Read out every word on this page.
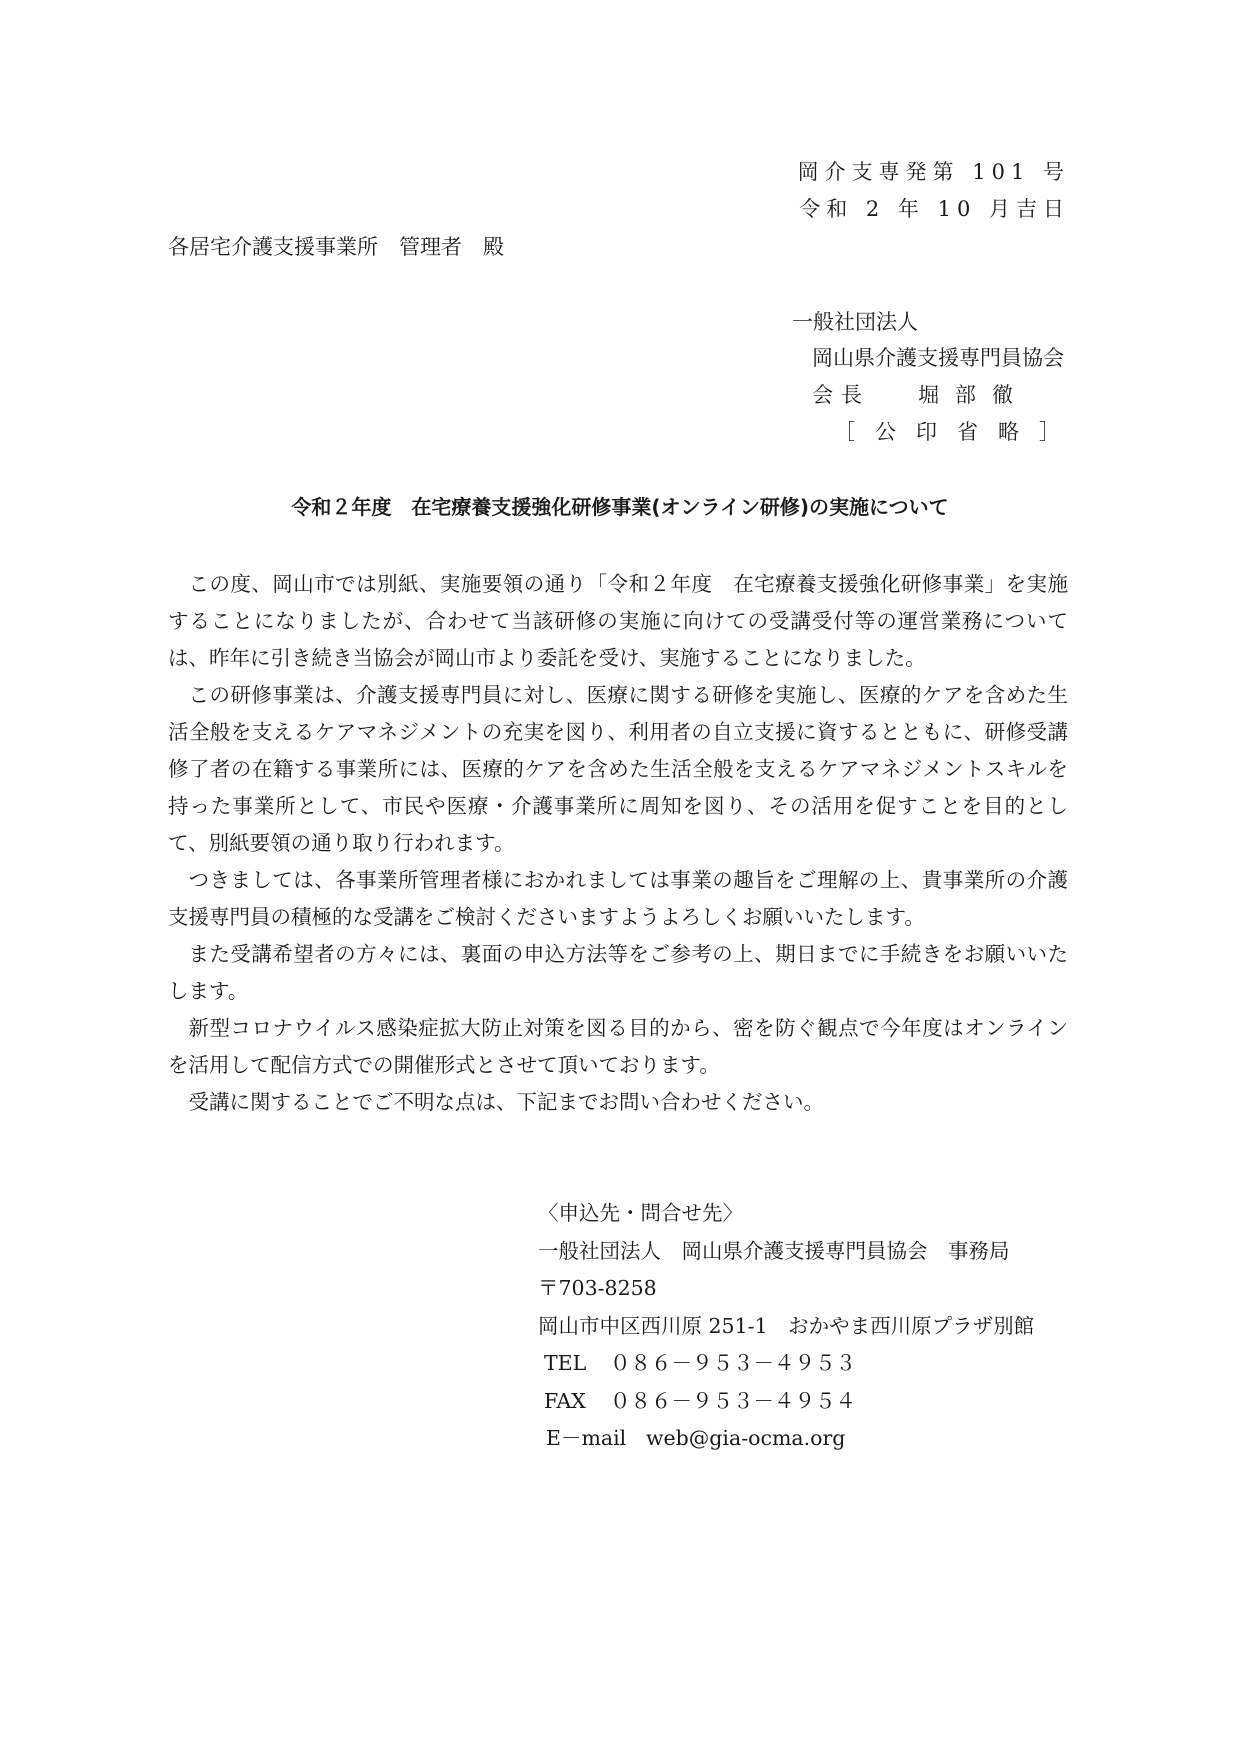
岡介支専発第 101 号
令和 2 年 10 月吉日
各居宅介護支援事業所　管理者　殿
一般社団法人
岡山県介護支援専門員協会
会長 堀部徹
［公印省略］
令和２年度　在宅療養支援強化研修事業(オンライン研修)の実施について

この度、岡山市では別紙、実施要領の通り「令和２年度　在宅療養支援強化研修事業」を実施することになりましたが、合わせて当該研修の実施に向けての受講受付等の運営業務については、昨年に引き続き当協会が岡山市より委託を受け、実施することになりました。

この研修事業は、介護支援専門員に対し、医療に関する研修を実施し、医療的ケアを含めた生活全般を支えるケアマネジメントの充実を図り、利用者の自立支援に資するとともに、研修受講修了者の在籍する事業所には、医療的ケアを含めた生活全般を支えるケアマネジメントスキルを持った事業所として、市民や医療・介護事業所に周知を図り、その活用を促すことを目的として、別紙要領の通り取り行われます。

つきましては、各事業所管理者様におかれましては事業の趣旨をご理解の上、貴事業所の介護支援専門員の積極的な受講をご検討くださいますようよろしくお願いいたします。

また受講希望者の方々には、裏面の申込方法等をご参考の上、期日までに手続きをお願いいたします。

新型コロナウイルス感染症拡大防止対策を図る目的から、密を防ぐ観点で今年度はオンラインを活用して配信方式での開催形式とさせて頂いております。

受講に関することでご不明な点は、下記までお問い合わせください。

〈申込先・問合せ先〉
一般社団法人　岡山県介護支援専門員協会　事務局
〒703-8258
岡山市中区西川原 251‐1　おかやま西川原プラザ別館
TEL ０８６－９５３－４９５３
FAX ０８６－９５３－４９５４
E－mail web@gia-ocma.org
